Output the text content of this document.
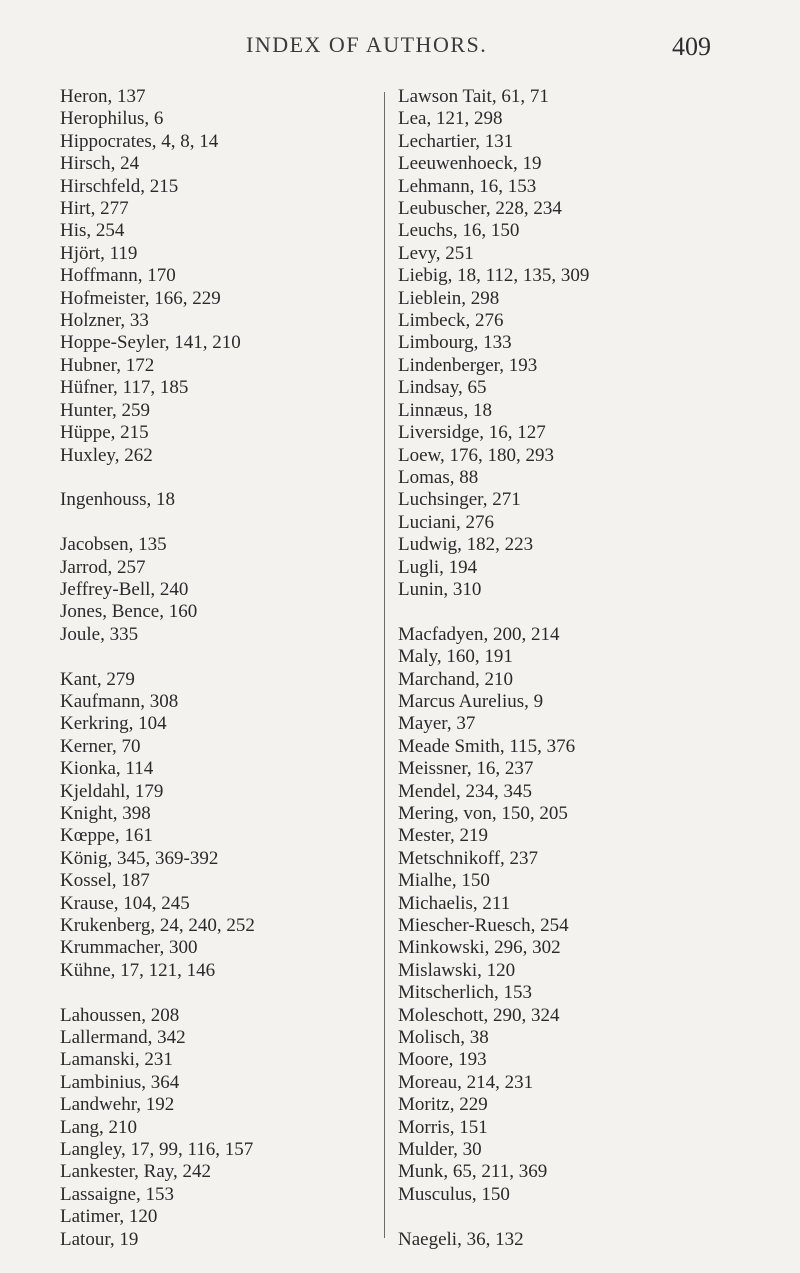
INDEX OF AUTHORS.	409
Heron, 137
Herophilus, 6
Hippocrates, 4, 8, 14
Hirsch, 24
Hirschfeld, 215
Hirt, 277
His, 254
Hjört, 119
Hoffmann, 170
Hofmeister, 166, 229
Holzner, 33
Hoppe-Seyler, 141, 210
Hubner, 172
Hüfner, 117, 185
Hunter, 259
Hüppe, 215
Huxley, 262
Ingenhouss, 18
Jacobsen, 135
Jarrod, 257
Jeffrey-Bell, 240
Jones, Bence, 160
Joule, 335
Kant, 279
Kaufmann, 308
Kerkring, 104
Kerner, 70
Kionka, 114
Kjeldahl, 179
Knight, 398
Kœppe, 161
König, 345, 369-392
Kossel, 187
Krause, 104, 245
Krukenberg, 24, 240, 252
Krummacher, 300
Kühne, 17, 121, 146
Lahoussen, 208
Lallermand, 342
Lamanski, 231
Lambinius, 364
Landwehr, 192
Lang, 210
Langley, 17, 99, 116, 157
Lankester, Ray, 242
Lassaigne, 153
Latimer, 120
Latour, 19
Lawson Tait, 61, 71
Lea, 121, 298
Lechartier, 131
Leeuwenhoeck, 19
Lehmann, 16, 153
Leubuscher, 228, 234
Leuchs, 16, 150
Levy, 251
Liebig, 18, 112, 135, 309
Lieblein, 298
Limbeck, 276
Limbourg, 133
Lindenberger, 193
Lindsay, 65
Linnæus, 18
Liversidge, 16, 127
Loew, 176, 180, 293
Lomas, 88
Luchsinger, 271
Luciani, 276
Ludwig, 182, 223
Lugli, 194
Lunin, 310
Macfadyen, 200, 214
Maly, 160, 191
Marchand, 210
Marcus Aurelius, 9
Mayer, 37
Meade Smith, 115, 376
Meissner, 16, 237
Mendel, 234, 345
Mering, von, 150, 205
Mester, 219
Metschnikoff, 237
Mialhe, 150
Michaelis, 211
Miescher-Ruesch, 254
Minkowski, 296, 302
Mislawski, 120
Mitscherlich, 153
Moleschott, 290, 324
Molisch, 38
Moore, 193
Moreau, 214, 231
Moritz, 229
Morris, 151
Mulder, 30
Munk, 65, 211, 369
Musculus, 150
Naegeli, 36, 132
